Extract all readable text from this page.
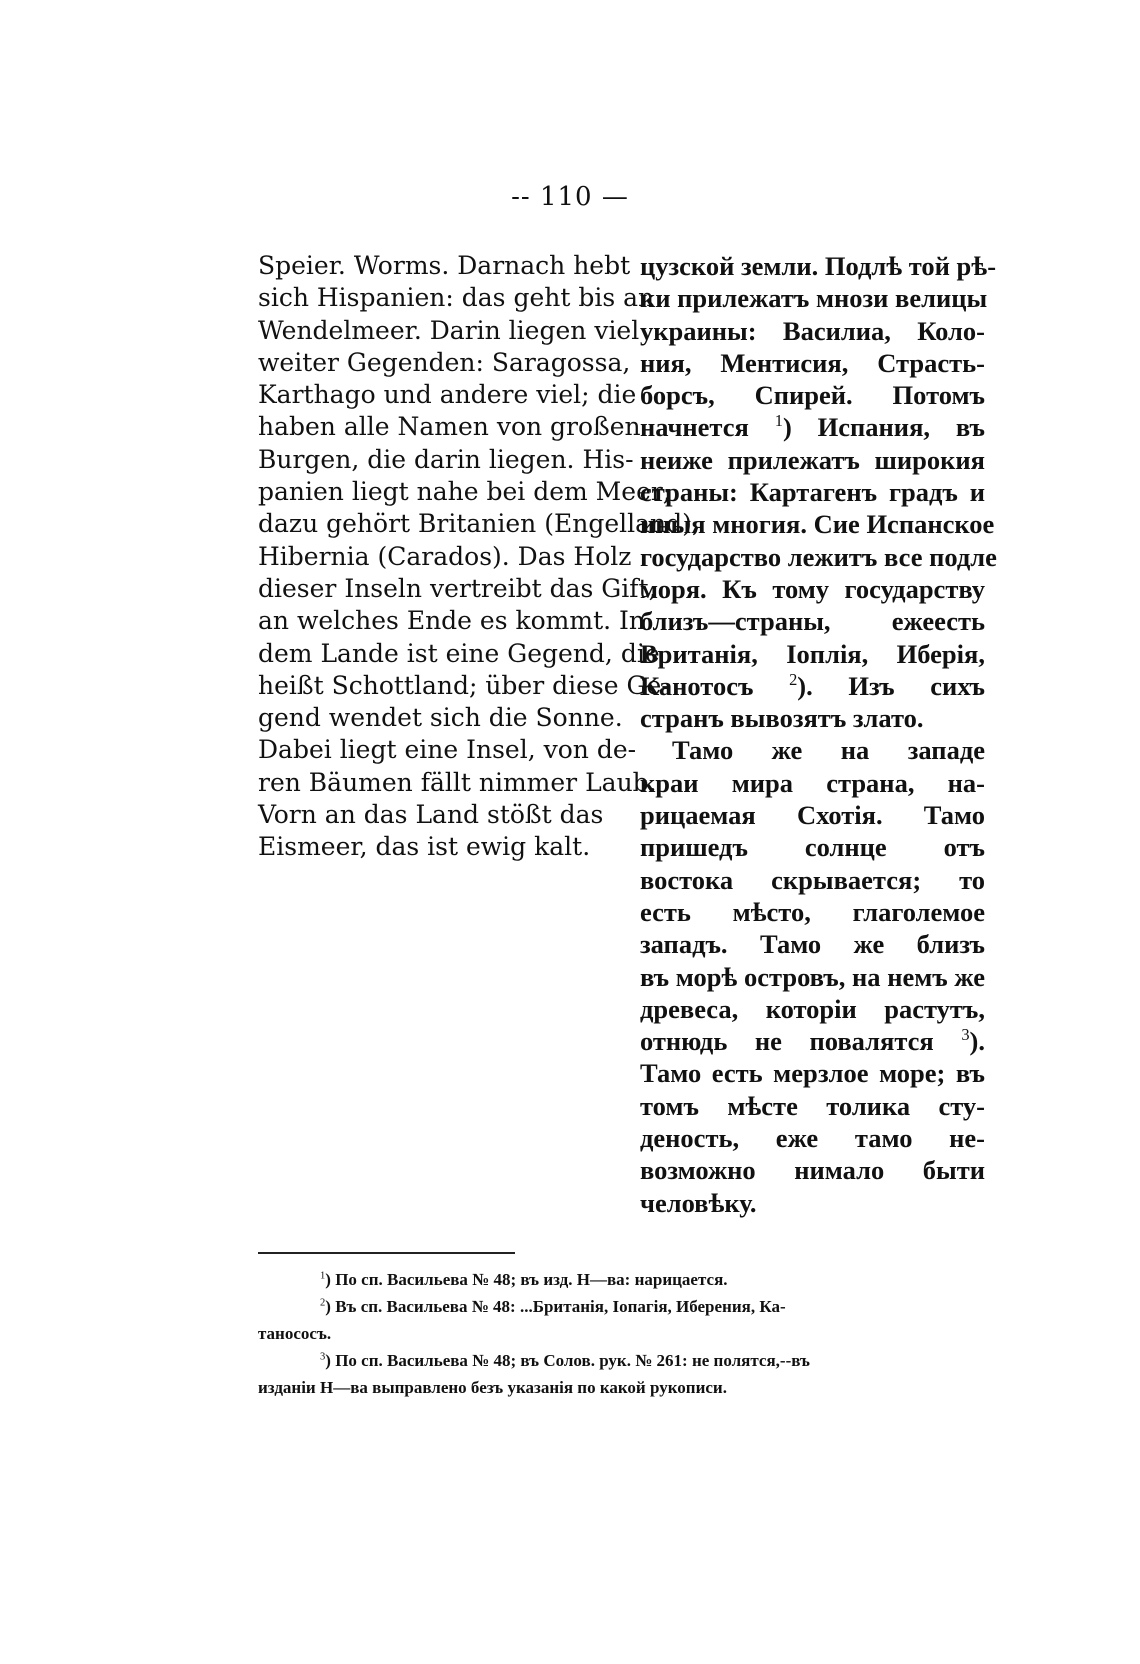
-- 110 —
Speier. Worms. Darnach hebt
sich Hispanien: das geht bis an
Wendelmeer. Darin liegen viel
weiter Gegenden: Saragossa,
Karthago und andere viel; die
haben alle Namen von großen
Burgen, die darin liegen. His-
panien liegt nahe bei dem Meer;
dazu gehört Britanien (Engelland),
Hibernia (Carados). Das Holz
dieser Inseln vertreibt das Gift,
an welches Ende es kommt. In
dem Lande ist eine Gegend, die
heißt Schottland; über diese Ge-
gend wendet sich die Sonne.
Dabei liegt eine Insel, von de-
ren Bäumen fällt nimmer Laub.
Vorn an das Land stößt das
Eismeer, das ist ewig kalt.
цузской земли. Подлѣ той рѣ-
ки прилежатъ мнози велицы
украины: Василиа, Коло-
ния, Ментисия, Страсть-
борсъ, Спирей. Потомъ
начнется $^1$) Испания, въ
неиже прилежатъ широкия
страны: Картагенъ градъ и
иныя многия. Сие Испанское
государство лежитъ все подле
моря. Къ тому государству
близъ—страны, ежеесть
Вританія, Іоплія, Иберія,
Канотосъ $^2$). Изъ сихъ
странъ вывозятъ злато.
Тамо же на западе
краи мира страна, на-
рицаемая Схотія. Тамо
пришедъ солнце отъ
востока скрывается; то
есть мѣсто, глаголемое
западъ. Тамо же близъ
въ морѣ островъ, на немъ же
древеса, которіи растутъ,
отнюдь не повалятся $^3$).
Тамо есть мерзлое море; въ
томъ мѣсте толика сту-
деность, еже тамо не-
возможно нимало быти
человѣку.
$^1$) По сп. Васильева № 48; въ изд. Н—ва: нарицается.
$^2$) Въ сп. Васильева № 48: ...Британія, Іопагія, Иберения, Ка-
танососъ.
$^3$) По сп. Васильева № 48; въ Солов. рук. № 261: не полятся,--въ
изданіи Н—ва выправлено безъ указанія по какой рукописи.
